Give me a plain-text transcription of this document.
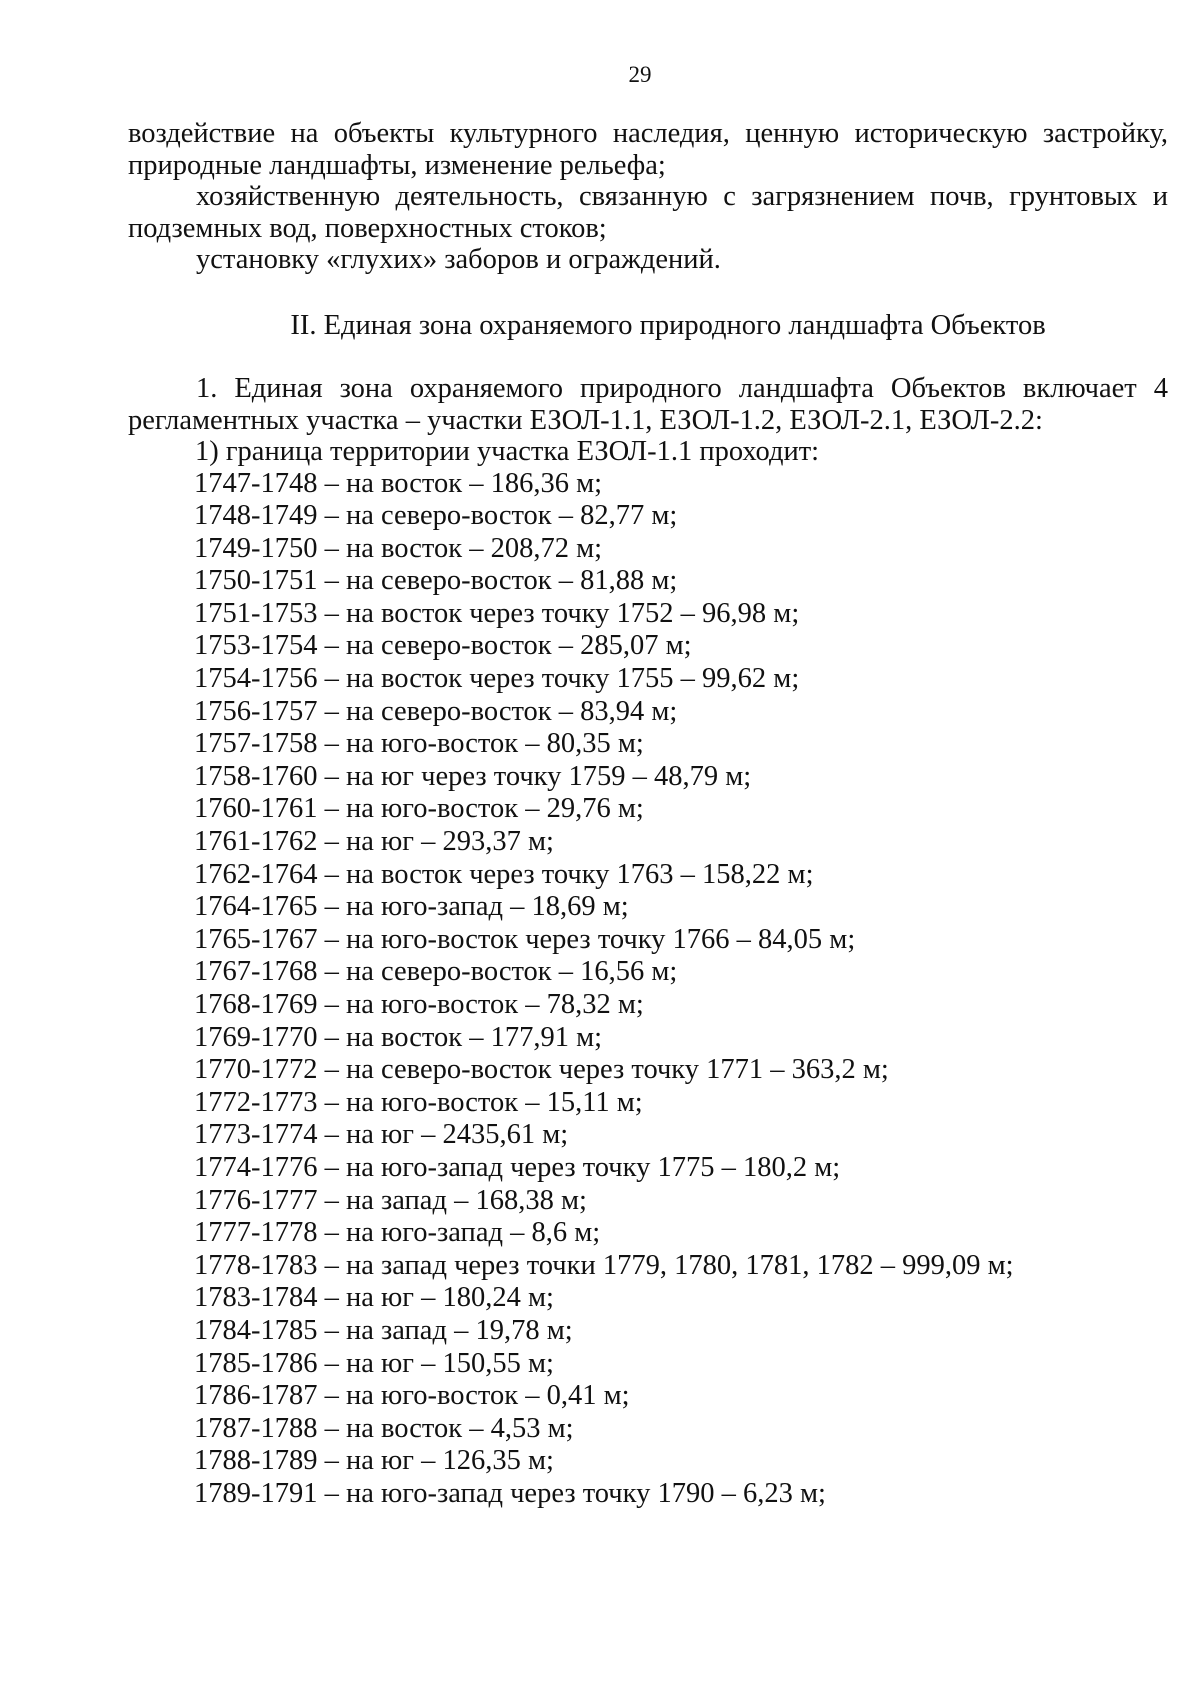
29

воздействие на объекты культурного наследия, ценную историческую застройку, природные ландшафты, изменение рельефа;

хозяйственную деятельность, связанную с загрязнением почв, грунтовых и подземных вод, поверхностных стоков;

установку «глухих» заборов и ограждений.

II. Единая зона охраняемого природного ландшафта Объектов

1. Единая зона охраняемого природного ландшафта Объектов включает 4 регламентных участка – участки ЕЗОЛ-1.1, ЕЗОЛ-1.2, ЕЗОЛ-2.1, ЕЗОЛ-2.2:

1) граница территории участка ЕЗОЛ-1.1 проходит:

1747-1748 – на восток – 186,36 м;
1748-1749 – на северо-восток – 82,77 м;
1749-1750 – на восток – 208,72 м;
1750-1751 – на северо-восток – 81,88 м;
1751-1753 – на восток через точку 1752 – 96,98 м;
1753-1754 – на северо-восток – 285,07 м;
1754-1756 – на восток через точку 1755 – 99,62 м;
1756-1757 – на северо-восток – 83,94 м;
1757-1758 – на юго-восток – 80,35 м;
1758-1760 – на юг через точку 1759 – 48,79 м;
1760-1761 – на юго-восток – 29,76 м;
1761-1762 – на юг – 293,37 м;
1762-1764 – на восток через точку 1763 – 158,22 м;
1764-1765 – на юго-запад – 18,69 м;
1765-1767 – на юго-восток через точку 1766 – 84,05 м;
1767-1768 – на северо-восток – 16,56 м;
1768-1769 – на юго-восток – 78,32 м;
1769-1770 – на восток – 177,91 м;
1770-1772 – на северо-восток через точку 1771 – 363,2 м;
1772-1773 – на юго-восток – 15,11 м;
1773-1774 – на юг – 2435,61 м;
1774-1776 – на юго-запад через точку 1775 – 180,2 м;
1776-1777 – на запад – 168,38 м;
1777-1778 – на юго-запад – 8,6 м;
1778-1783 – на запад через точки 1779, 1780, 1781, 1782 – 999,09 м;
1783-1784 – на юг – 180,24 м;
1784-1785 – на запад – 19,78 м;
1785-1786 – на юг – 150,55 м;
1786-1787 – на юго-восток – 0,41 м;
1787-1788 – на восток – 4,53 м;
1788-1789 – на юг – 126,35 м;
1789-1791 – на юго-запад через точку 1790 – 6,23 м;
